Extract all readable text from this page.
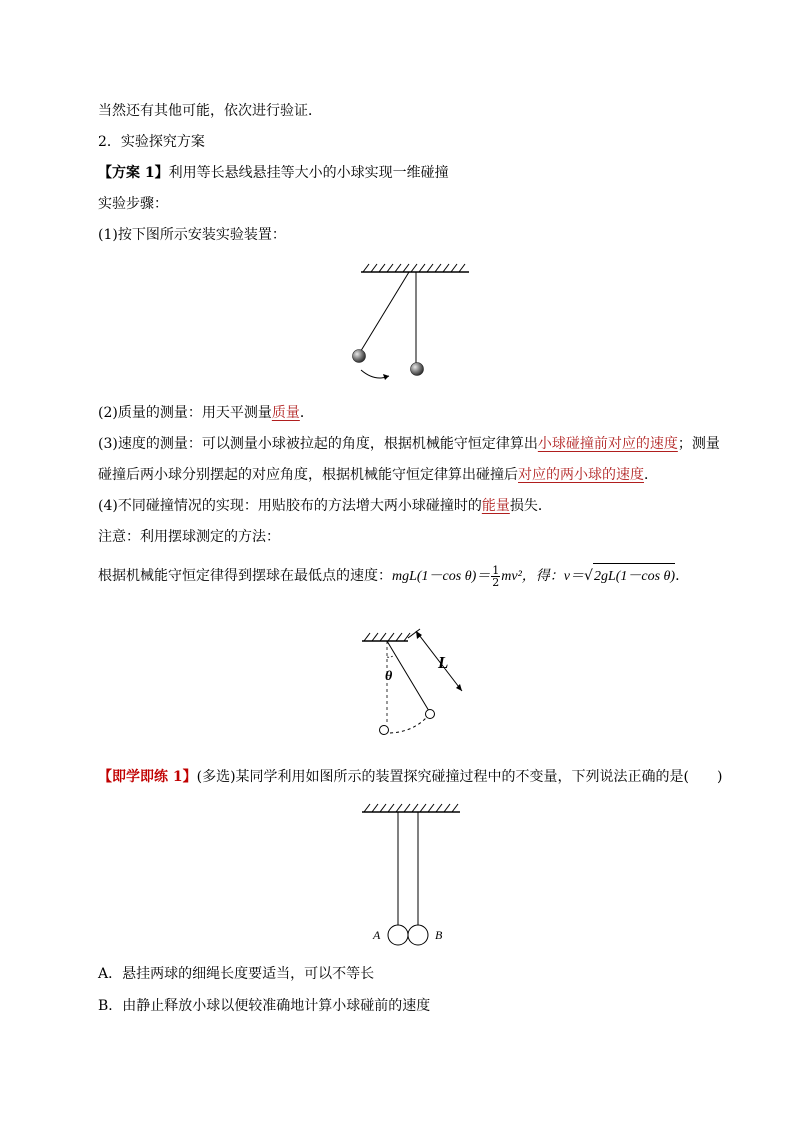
当然还有其他可能，依次进行验证．
2．实验探究方案
【方案 1】利用等长悬线悬挂等大小的小球实现一维碰撞
实验步骤：
(1)按下图所示安装实验装置：
(2)质量的测量：用天平测量质量．
(3)速度的测量：可以测量小球被拉起的角度，根据机械能守恒定律算出小球碰撞前对应的速度；测量
碰撞后两小球分别摆起的对应角度，根据机械能守恒定律算出碰撞后对应的两小球的速度．
(4)不同碰撞情况的实现：用贴胶布的方法增大两小球碰撞时的能量损失．
注意：利用摆球测定的方法：
根据机械能守恒定律得到摆球在最低点的速度：mgL(1－cos $\theta)= \frac{1}{2} mv^2$，得：v＝√2gL(1－cos θ).
L
θ
【即学即练 1】(多选)某同学利用如图所示的装置探究碰撞过程中的不变量，下列说法正确的是(　　)
A	B
A．悬挂两球的细绳长度要适当，可以不等长
B．由静止释放小球以便较准确地计算小球碰前的速度
